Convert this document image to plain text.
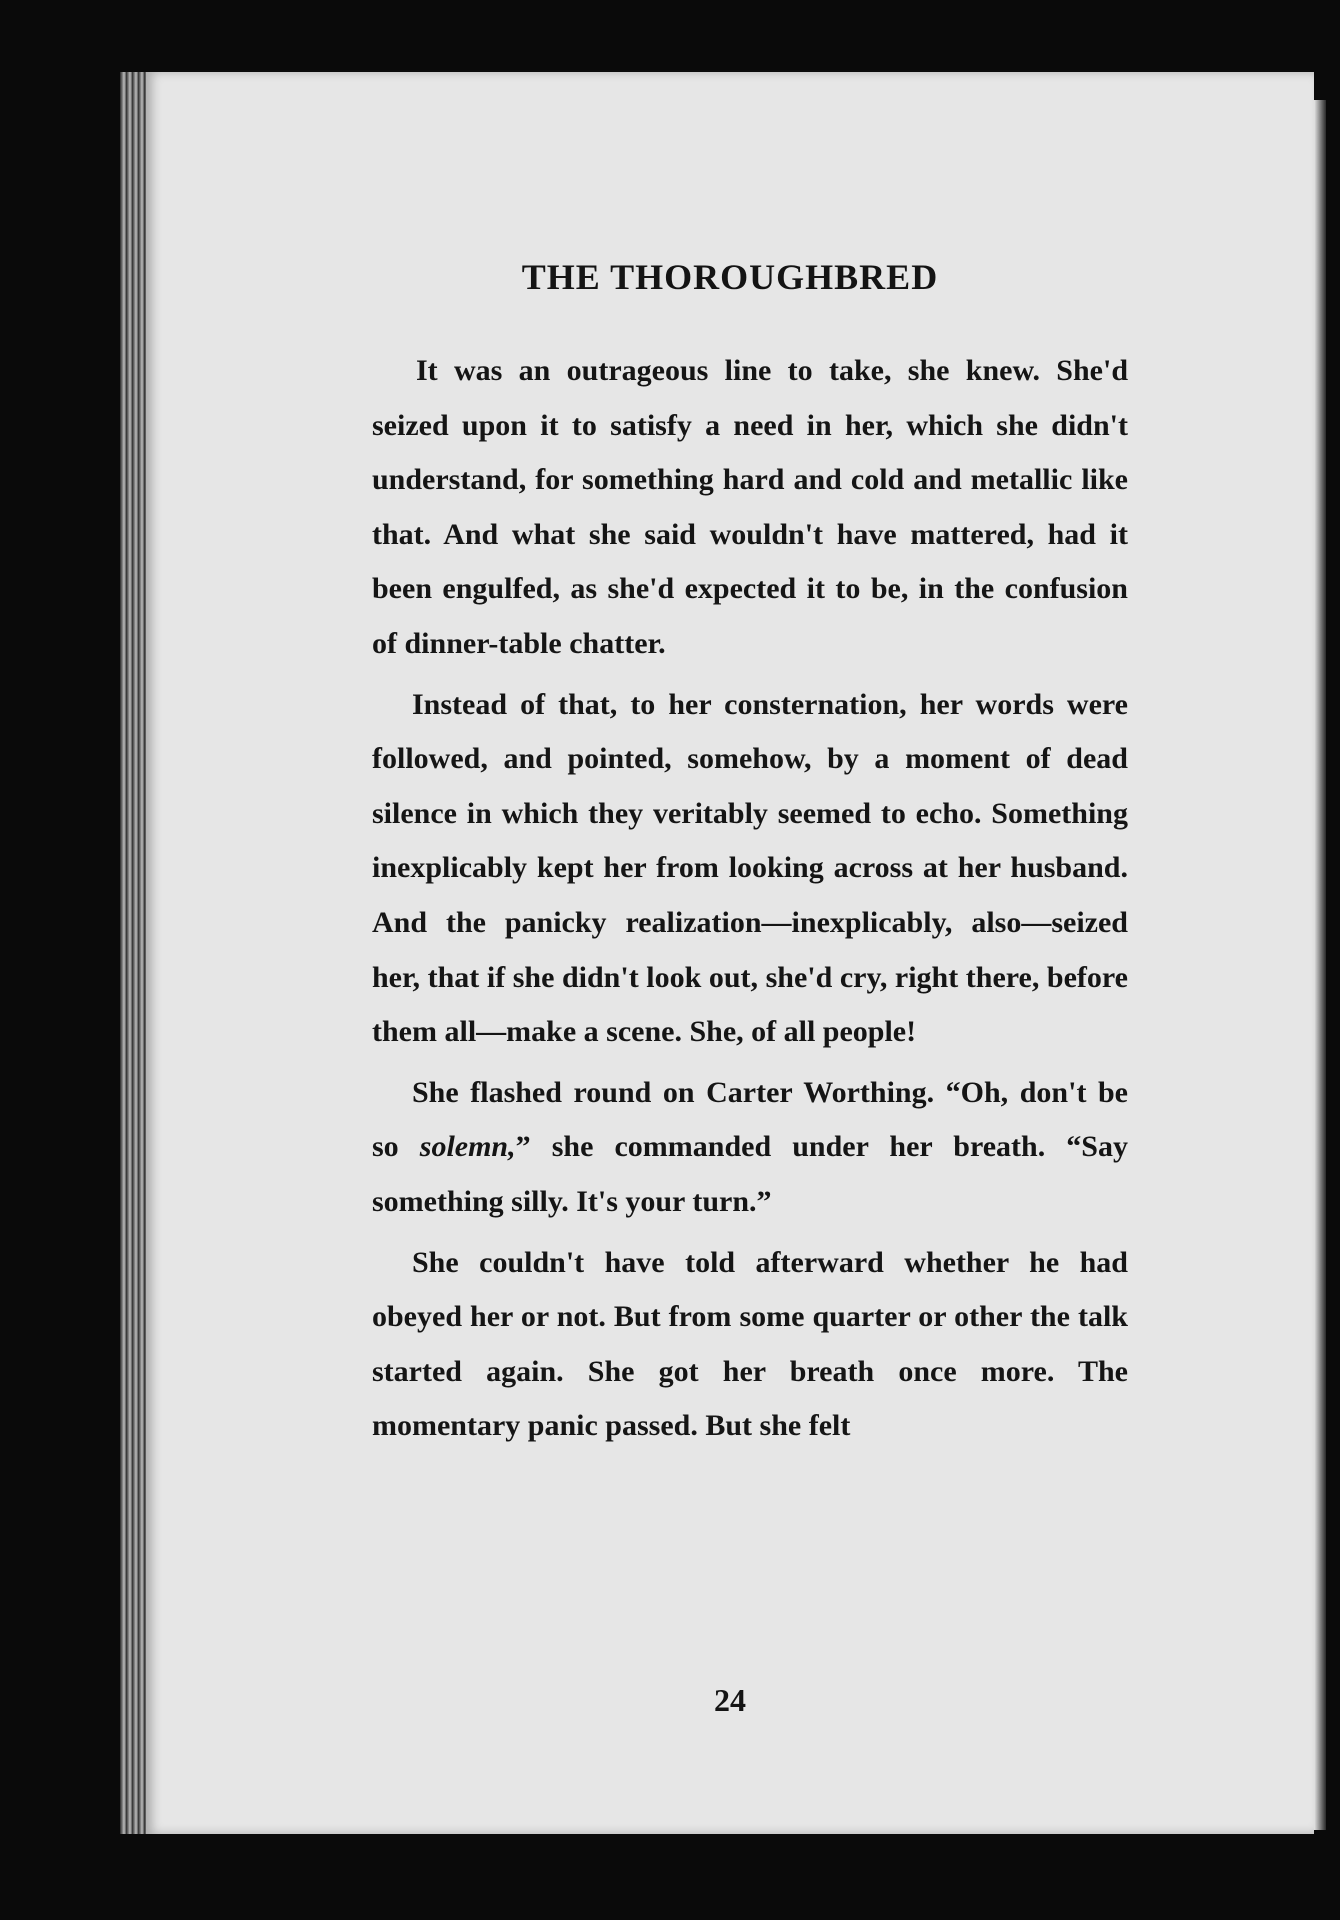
THE THOROUGHBRED

It was an outrageous line to take, she knew. She'd seized upon it to satisfy a need in her, which she didn't understand, for something hard and cold and metallic like that. And what she said wouldn't have mattered, had it been engulfed, as she'd expected it to be, in the confusion of dinner-table chatter.

Instead of that, to her consternation, her words were followed, and pointed, somehow, by a moment of dead silence in which they veritably seemed to echo. Something inexplicably kept her from looking across at her husband. And the panicky realization—inexplicably, also—seized her, that if she didn't look out, she'd cry, right there, before them all—make a scene. She, of all people!

She flashed round on Carter Worthing. “Oh, don't be so solemn,” she commanded under her breath. “Say something silly. It's your turn.”

She couldn't have told afterward whether he had obeyed her or not. But from some quarter or other the talk started again. She got her breath once more. The momentary panic passed. But she felt

24
